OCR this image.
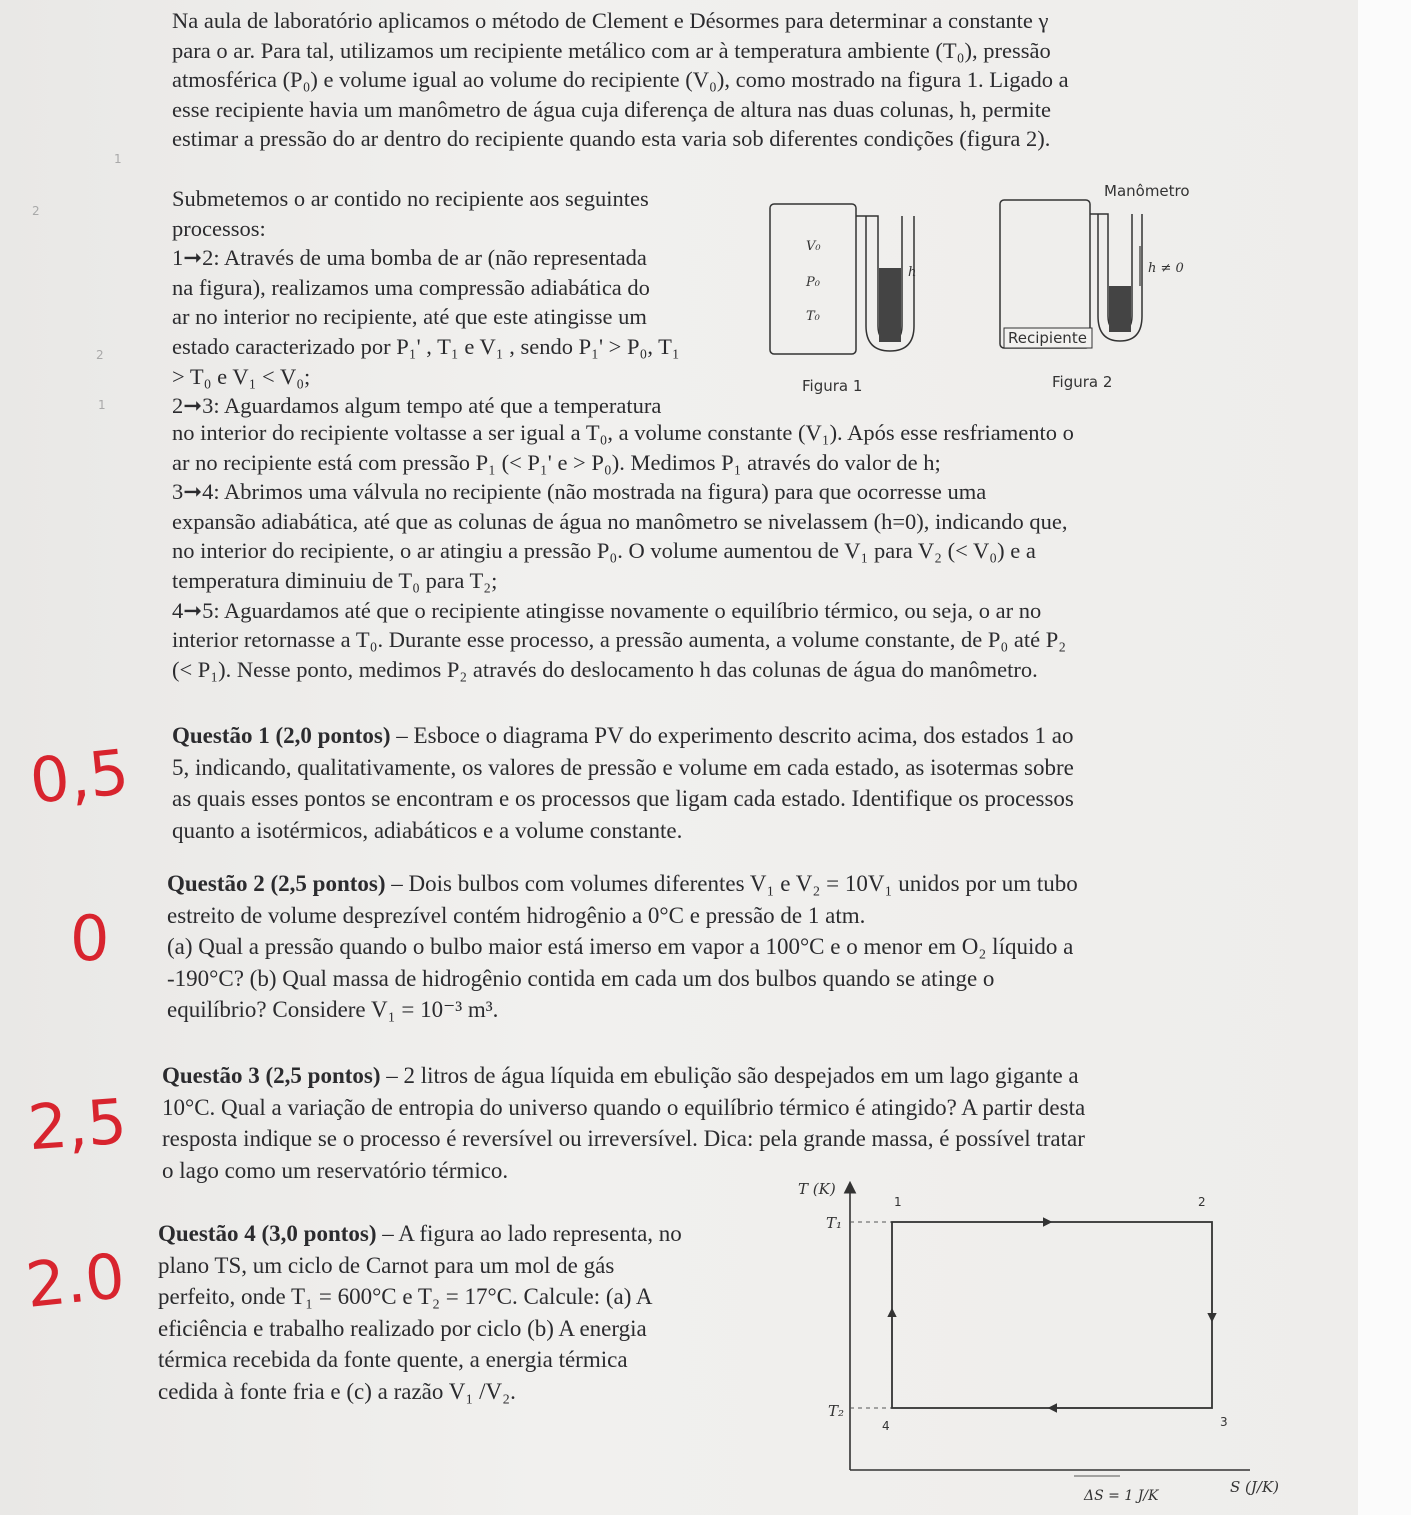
Na aula de laboratório aplicamos o método de Clement e Désormes para determinar a constante γ
para o ar. Para tal, utilizamos um recipiente metálico com ar à temperatura ambiente (T₀), pressão
atmosférica (P₀) e volume igual ao volume do recipiente (V₀), como mostrado na figura 1. Ligado a
esse recipiente havia um manômetro de água cuja diferença de altura nas duas colunas, h, permite
estimar a pressão do ar dentro do recipiente quando esta varia sob diferentes condições (figura 2).
Submetemos o ar contido no recipiente aos seguintes
processos:
1➞2: Através de uma bomba de ar (não representada
na figura), realizamos uma compressão adiabática do
ar no interior no recipiente, até que este atingisse um
estado caracterizado por P₁' , T₁ e V₁ , sendo P₁' > P₀, T₁
> T₀ e V₁ < V₀;
2➞3: Aguardamos algum tempo até que a temperatura
V₀
P₀
T₀
h
Figura 1
h ≠ 0
Manômetro
Recipiente
Figura 2
no interior do recipiente voltasse a ser igual a T₀, a volume constante (V₁). Após esse resfriamento o
ar no recipiente está com pressão P₁ (< P₁' e > P₀). Medimos P₁ através do valor de h;
3➞4: Abrimos uma válvula no recipiente (não mostrada na figura) para que ocorresse uma
expansão adiabática, até que as colunas de água no manômetro se nivelassem (h=0), indicando que,
no interior do recipiente, o ar atingiu a pressão P₀. O volume aumentou de V₁ para V₂ (< V₀) e a
temperatura diminuiu de T₀ para T₂;
4➞5: Aguardamos até que o recipiente atingisse novamente o equilíbrio térmico, ou seja, o ar no
interior retornasse a T₀. Durante esse processo, a pressão aumenta, a volume constante, de P₀ até P₂
(< P₁). Nesse ponto, medimos P₂ através do deslocamento h das colunas de água do manômetro.
Questão 1 (2,0 pontos) – Esboce o diagrama PV do experimento descrito acima, dos estados 1 ao
5, indicando, qualitativamente, os valores de pressão e volume em cada estado, as isotermas sobre
as quais esses pontos se encontram e os processos que ligam cada estado. Identifique os processos
quanto a isotérmicos, adiabáticos e a volume constante.
Questão 2 (2,5 pontos) – Dois bulbos com volumes diferentes V₁ e V₂ = 10V₁ unidos por um tubo
estreito de volume desprezível contém hidrogênio a 0°C e pressão de 1 atm.
(a) Qual a pressão quando o bulbo maior está imerso em vapor a 100°C e o menor em O₂ líquido a
-190°C? (b) Qual massa de hidrogênio contida em cada um dos bulbos quando se atinge o
equilíbrio? Considere V₁ = 10⁻³ m³.
Questão 3 (2,5 pontos) – 2 litros de água líquida em ebulição são despejados em um lago gigante a
10°C. Qual a variação de entropia do universo quando o equilíbrio térmico é atingido? A partir desta
resposta indique se o processo é reversível ou irreversível. Dica: pela grande massa, é possível tratar
o lago como um reservatório térmico.
Questão 4 (3,0 pontos) – A figura ao lado representa, no
plano TS, um ciclo de Carnot para um mol de gás
perfeito, onde T₁ = 600°C e T₂ = 17°C. Calcule: (a) A
eficiência e trabalho realizado por ciclo (b) A energia
térmica recebida da fonte quente, a energia térmica
cedida à fonte fria e (c) a razão V₁ /V₂.
T (K)
S (J/K)
T₁
T₂
1	2
3
4
ΔS = 1 J/K
0,5
0
2,5
2.0
1
2
2
1
